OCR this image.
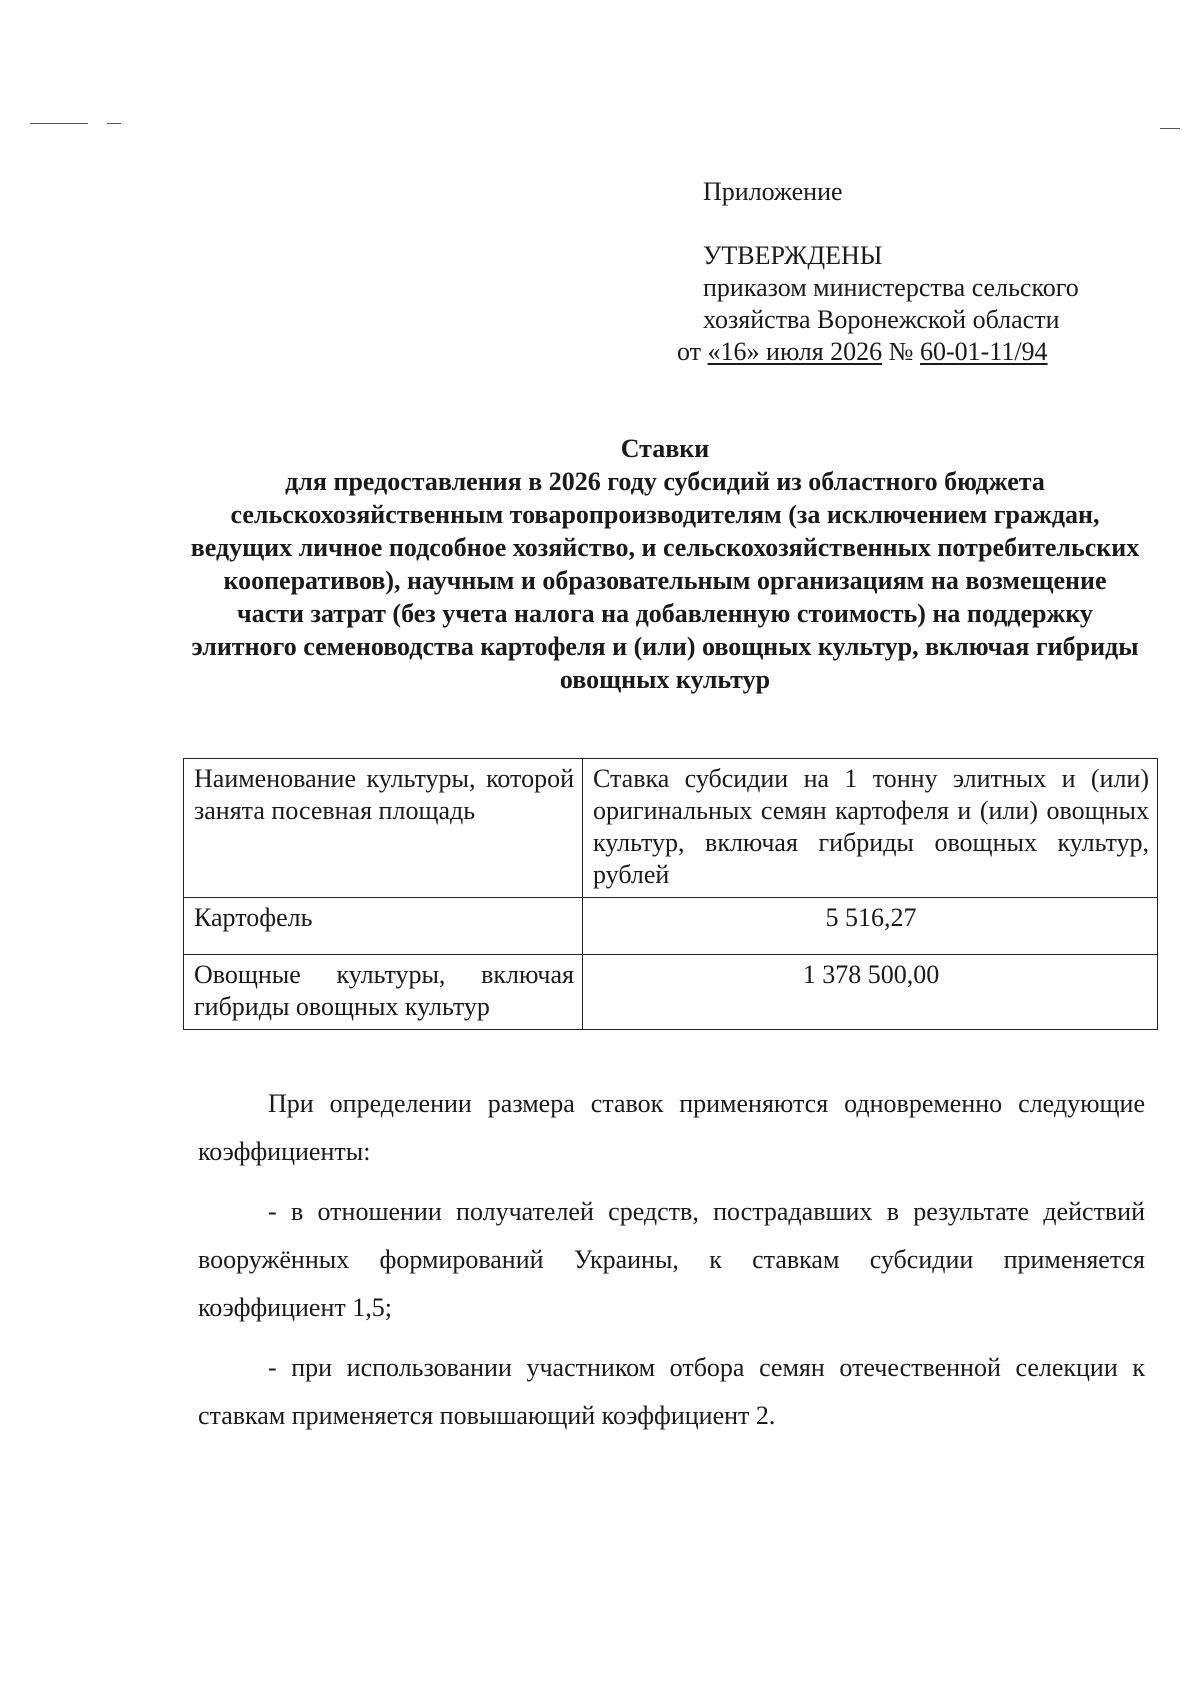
Приложение
УТВЕРЖДЕНЫ
приказом министерства сельского
хозяйства Воронежской области
от «16» июля 2026 № 60-01-11/94
Ставки
для предоставления в 2026 году субсидий из областного бюджета сельскохозяйственным товаропроизводителям (за исключением граждан, ведущих личное подсобное хозяйство, и сельскохозяйственных потребительских кооперативов), научным и образовательным организациям на возмещение части затрат (без учета налога на добавленную стоимость) на поддержку элитного семеноводства картофеля и (или) овощных культур, включая гибриды овощных культур
Наименование культуры, которой занята посевная площадь	Ставка субсидии на 1 тонну элитных и (или) оригинальных семян картофеля и (или) овощных культур, включая гибриды овощных культур, рублей
Картофель	5 516,27
Овощные культуры, включая гибриды овощных культур	1 378 500,00

При определении размера ставок применяются одновременно следующие коэффициенты:

- в отношении получателей средств, пострадавших в результате действий вооружённых формирований Украины, к ставкам субсидии применяется коэффициент 1,5;

- при использовании участником отбора семян отечественной селекции к ставкам применяется повышающий коэффициент 2.
